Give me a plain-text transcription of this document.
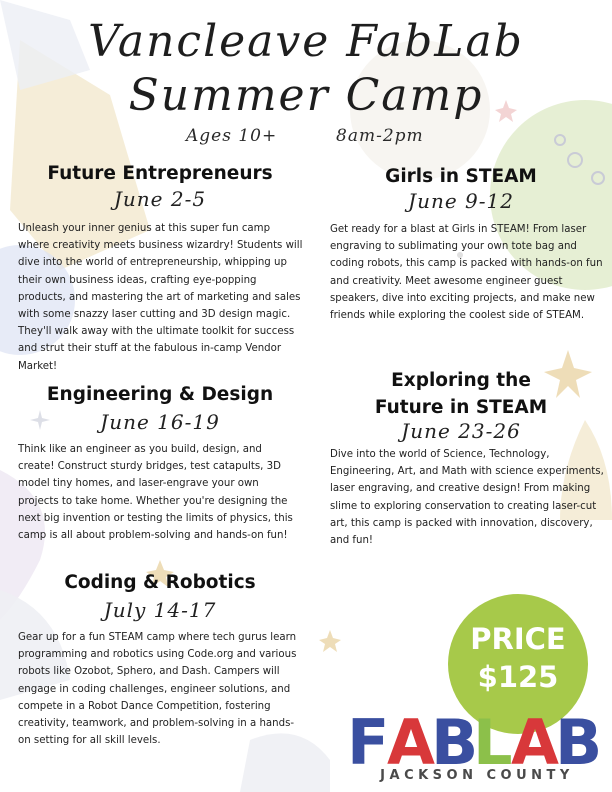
Vancleave FabLab
Summer Camp
Ages 10+	8am-2pm
Future Entrepreneurs
June 2-5

Unleash your inner genius at this super fun camp where creativity meets business wizardry! Students will dive into the world of entrepreneurship, whipping up their own business ideas, crafting eye-popping products, and mastering the art of marketing and sales with some snazzy laser cutting and 3D design magic. They'll walk away with the ultimate toolkit for success and strut their stuff at the fabulous in-camp Vendor Market!

Girls in STEAM
June 9-12

Get ready for a blast at Girls in STEAM! From laser engraving to sublimating your own tote bag and coding robots, this camp is packed with hands-on fun and creativity. Meet awesome engineer guest speakers, dive into exciting projects, and make new friends while exploring the coolest side of STEAM.

Engineering & Design
June 16-19

Think like an engineer as you build, design, and create! Construct sturdy bridges, test catapults, 3D model tiny homes, and laser-engrave your own projects to take home. Whether you're designing the next big invention or testing the limits of physics, this camp is all about problem-solving and hands-on fun!

Exploring the
Future in STEAM
June 23-26

Dive into the world of Science, Technology, Engineering, Art, and Math with science experiments, laser engraving, and creative design! From making slime to exploring conservation to creating laser-cut art, this camp is packed with innovation, discovery, and fun!

Coding & Robotics
July 14-17

Gear up for a fun STEAM camp where tech gurus learn programming and robotics using Code.org and various robots like Ozobot, Sphero, and Dash. Campers will engage in coding challenges, engineer solutions, and compete in a Robot Dance Competition, fostering creativity, teamwork, and problem-solving in a hands-on setting for all skill levels.

PRICE
$125
F
A
B
L
A
B
JACKSON COUNTY
